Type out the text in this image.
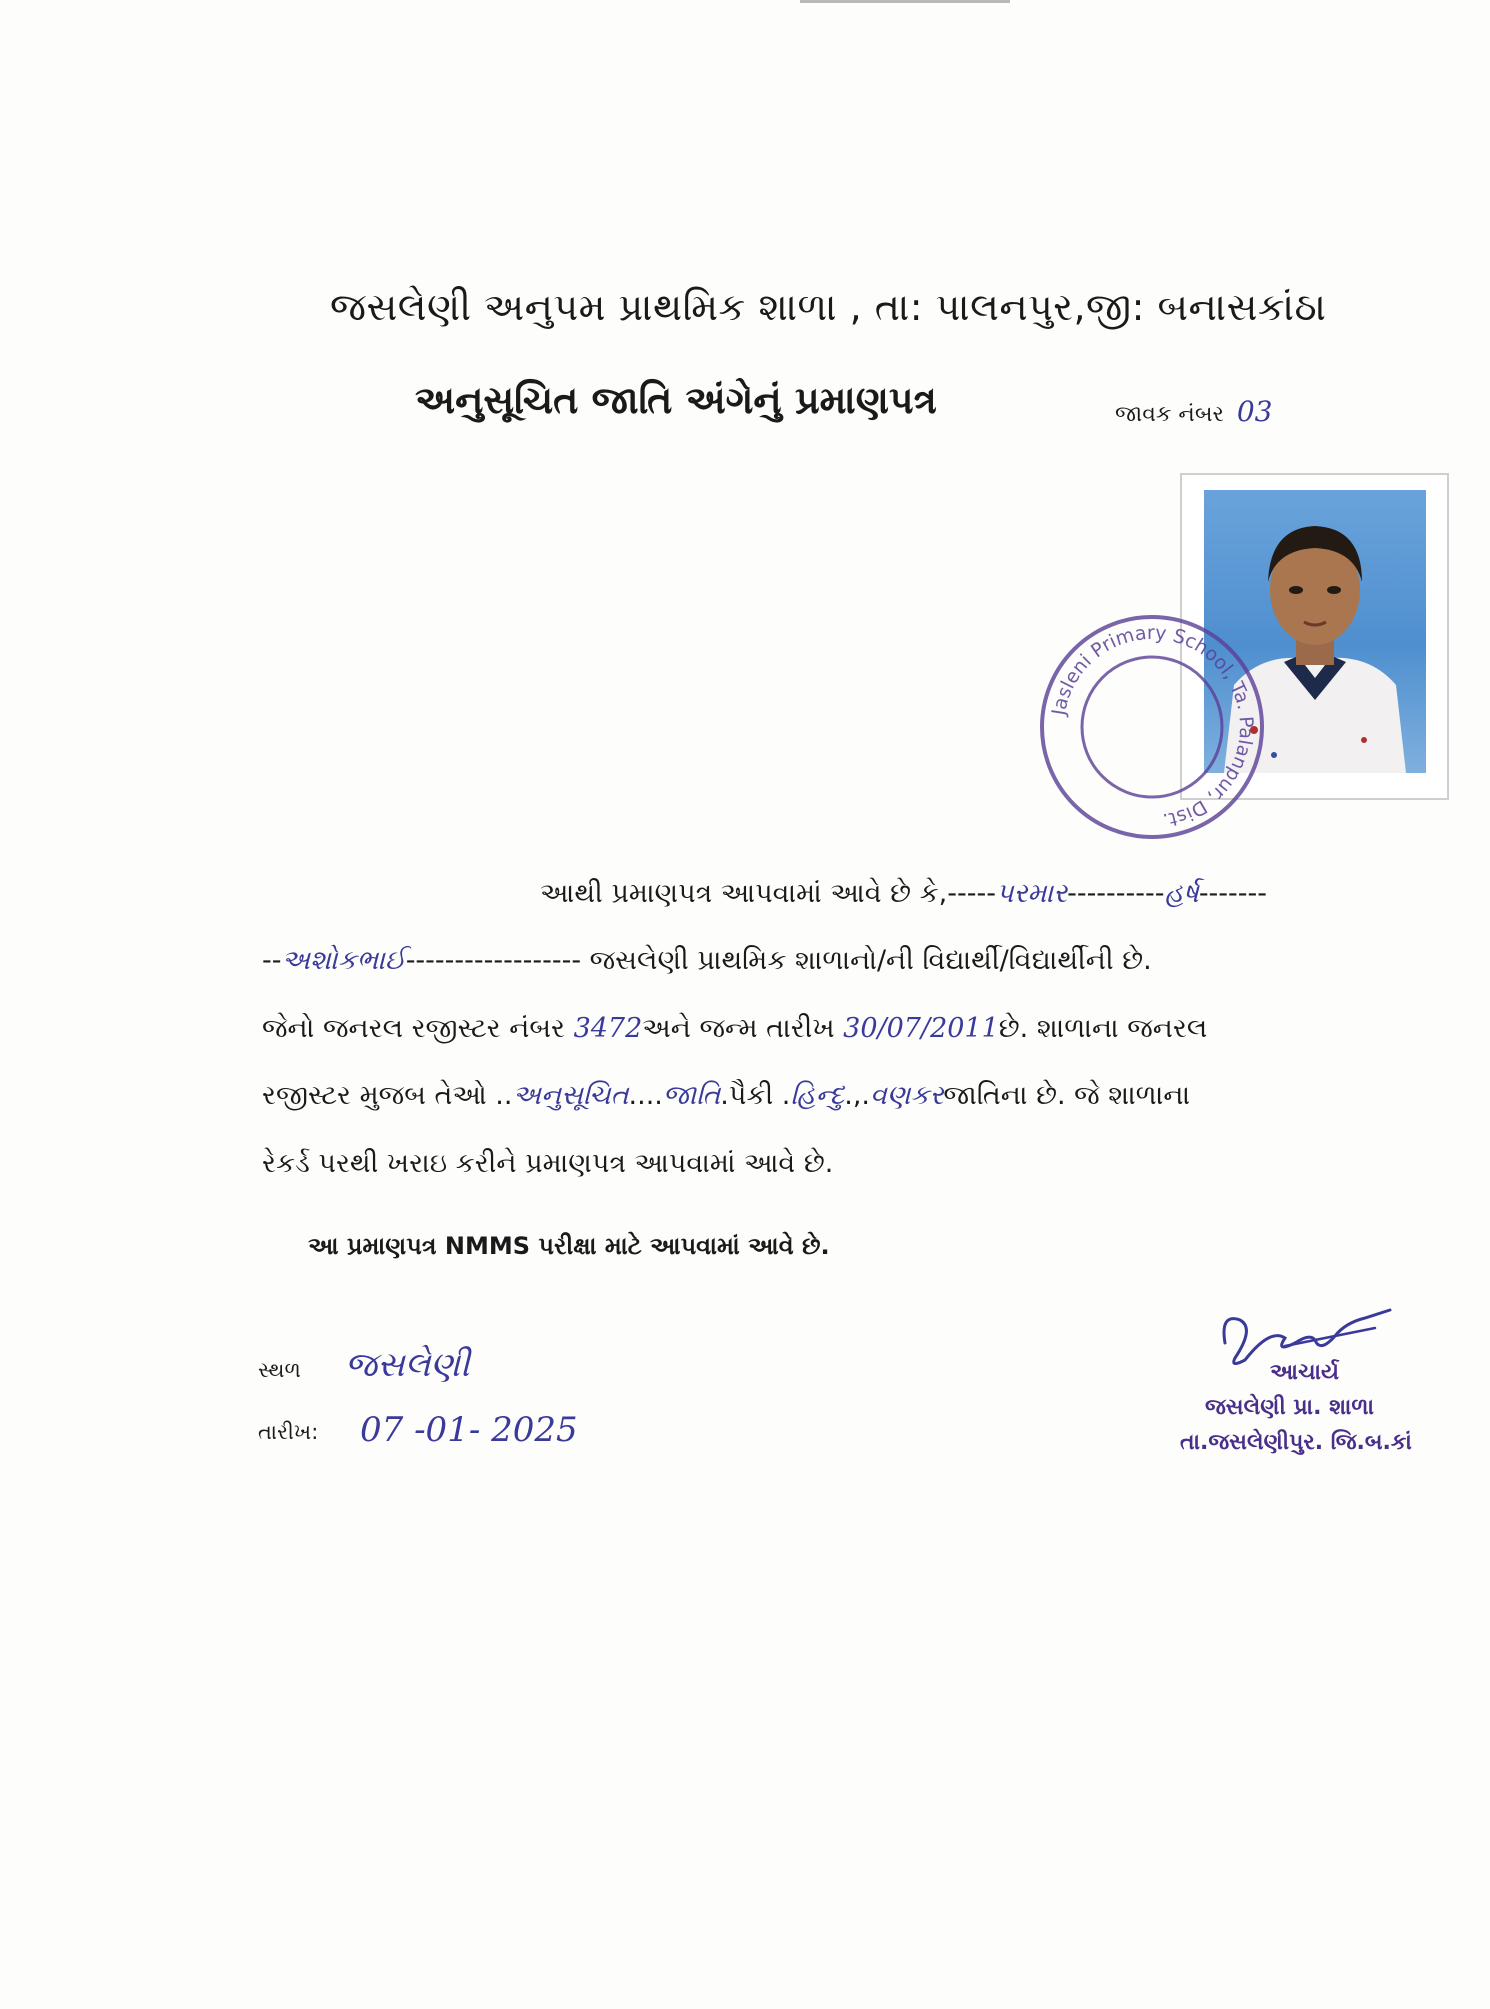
જસલેણી અનુપમ પ્રાથમિક શાળા , તા: પાલનપુર,જી: બનાસકાંઠા
અનુસૂચિત જાતિ અંગેનું પ્રમાણપત્ર	જાવક નંબર 03
Jasleni Primary School, Ta. Palanpur, Dist.
આથી પ્રમાણપત્ર આપવામાં આવે છે કે,-----પરમાર----------હર્ષ-------
--અશોકભાઈ------------------ જસલેણી પ્રાથમિક શાળાનો/ની વિદ્યાર્થી/વિદ્યાર્થીની છે.
જેનો જનરલ રજીસ્ટર નંબર 3472અને જન્મ તારીખ 30/07/2011છે. શાળાના જનરલ
રજીસ્ટર મુજબ તેઓ ..અનુસૂચિત....જાતિ.પૈકી .હિન્દુ.,.વણકરજાતિના છે. જે શાળાના
રેકર્ડ પરથી ખરાઇ કરીને પ્રમાણપત્ર આપવામાં આવે છે.
આ પ્રમાણપત્ર NMMS પરીક્ષા માટે આપવામાં આવે છે.
સ્થળ જસલેણી
તારીખ: 07 -01- 2025
આચાર્ય
જસલેણી પ્રા. શાળા
તા.જસલેણીપુર. જિ.બ.કાં
